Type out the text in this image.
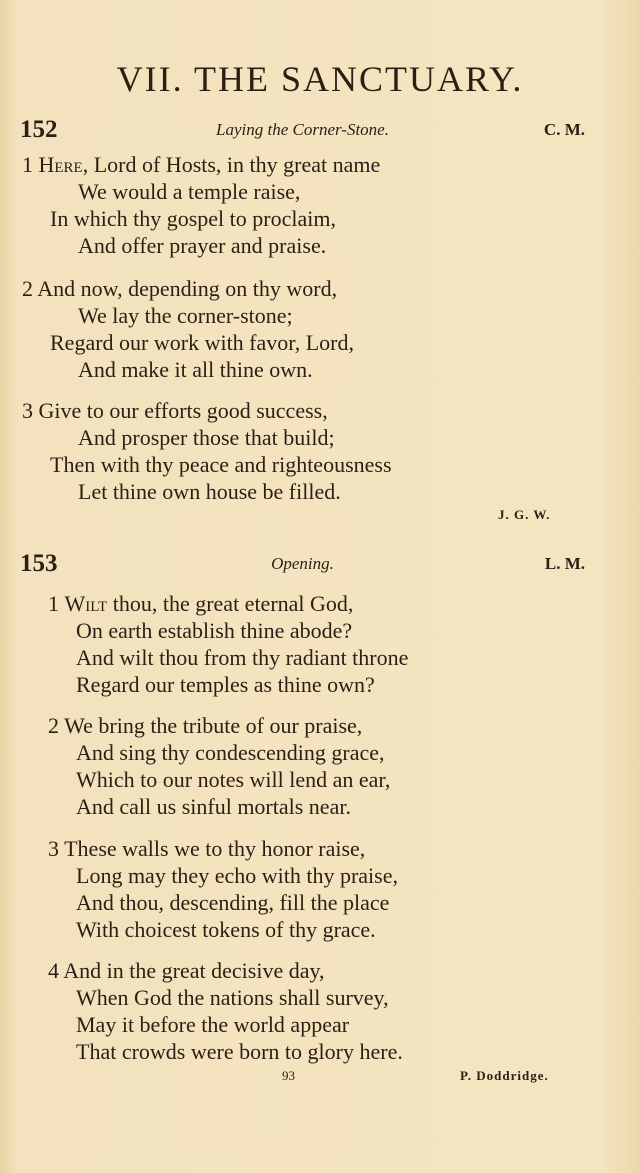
VII. THE SANCTUARY.
152	Laying the Corner-Stone.	C. M.
1 Here, Lord of Hosts, in thy great name
We would a temple raise,
In which thy gospel to proclaim,
And offer prayer and praise.
2 And now, depending on thy word,
We lay the corner-stone;
Regard our work with favor, Lord,
And make it all thine own.
3 Give to our efforts good success,
And prosper those that build;
Then with thy peace and righteousness
Let thine own house be filled.
J. G. W.
153	Opening.	L. M.
1 Wilt thou, the great eternal God,
On earth establish thine abode?
And wilt thou from thy radiant throne
Regard our temples as thine own?
2 We bring the tribute of our praise,
And sing thy condescending grace,
Which to our notes will lend an ear,
And call us sinful mortals near.
3 These walls we to thy honor raise,
Long may they echo with thy praise,
And thou, descending, fill the place
With choicest tokens of thy grace.
4 And in the great decisive day,
When God the nations shall survey,
May it before the world appear
That crowds were born to glory here.
93	P. Doddridge.
